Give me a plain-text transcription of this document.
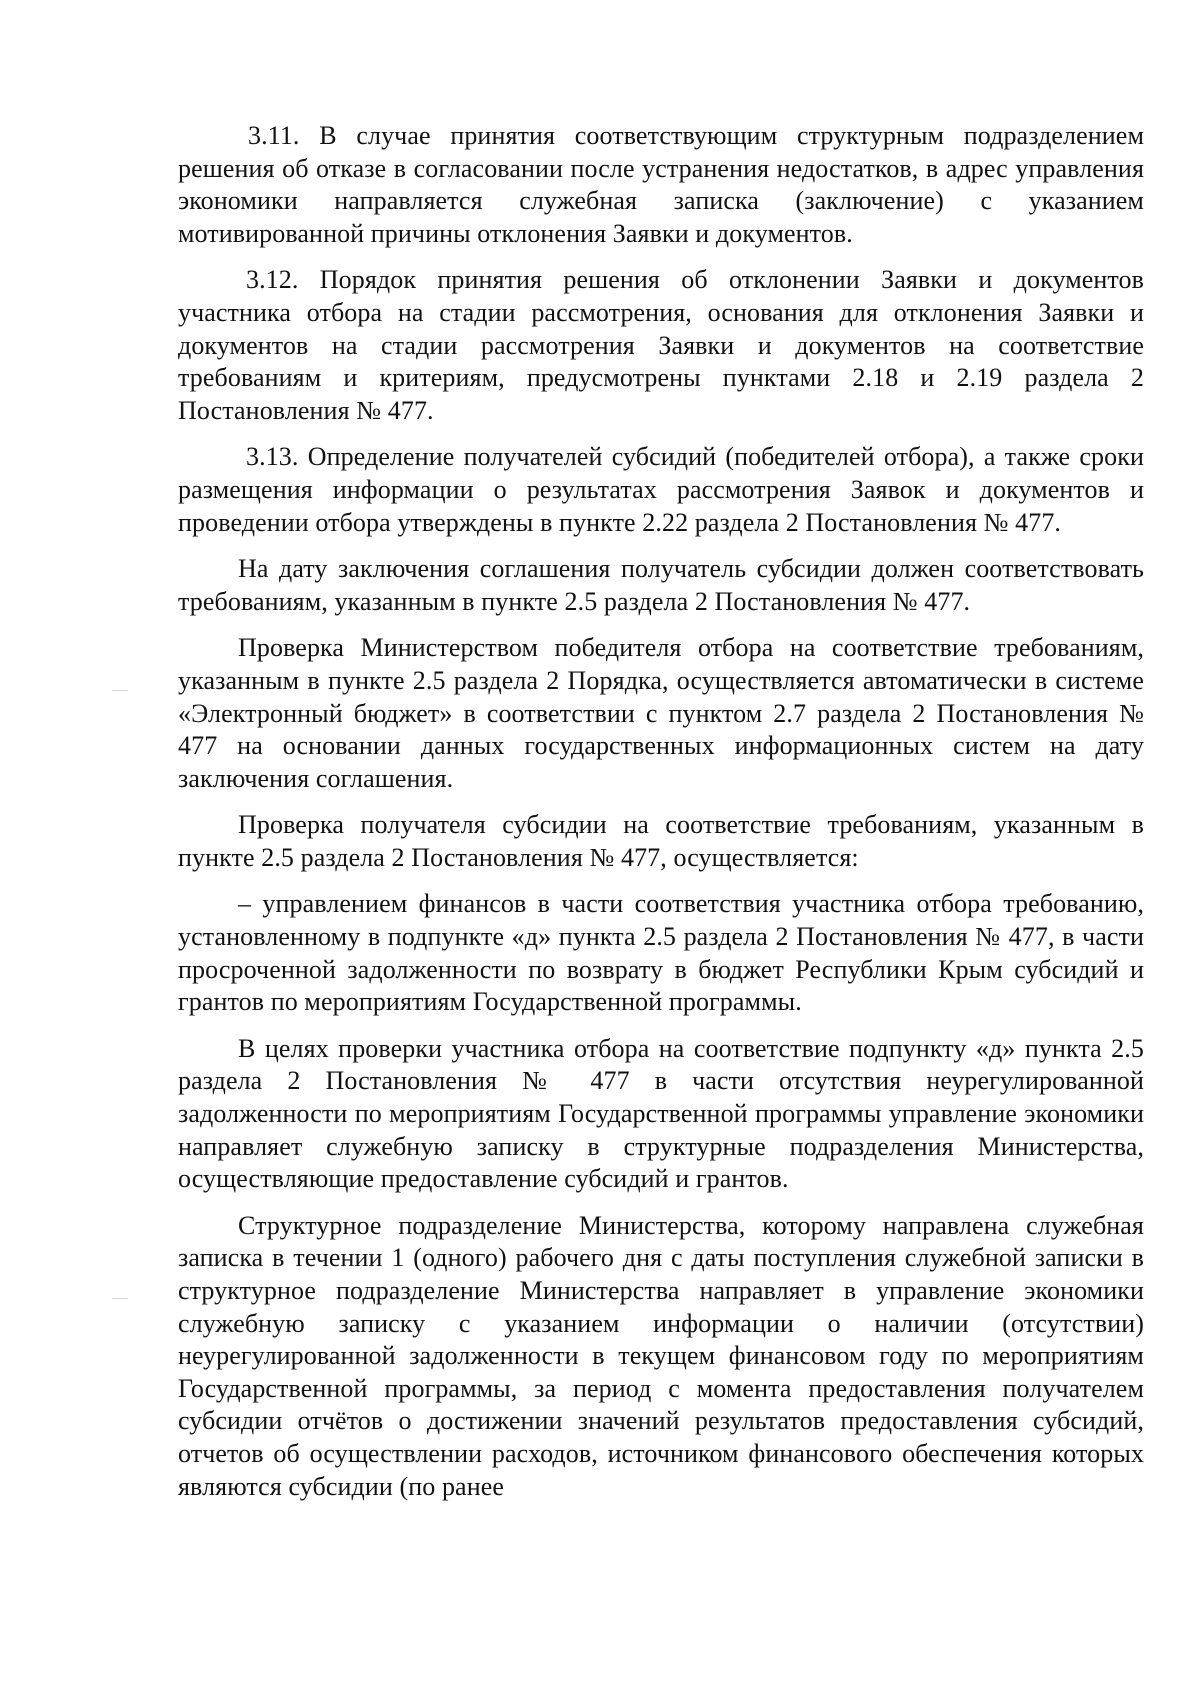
3.11. В случае принятия соответствующим структурным подразделением решения об отказе в согласовании после устранения недостатков, в адрес управления экономики направляется служебная записка (заключение) с указанием мотивированной причины отклонения Заявки и документов.

3.12. Порядок принятия решения об отклонении Заявки и документов участника отбора на стадии рассмотрения, основания для отклонения Заявки и документов на стадии рассмотрения Заявки и документов на соответствие требованиям и критериям, предусмотрены пунктами 2.18 и 2.19 раздела 2 Постановления № 477.

3.13. Определение получателей субсидий (победителей отбора), а также сроки размещения информации о результатах рассмотрения Заявок и документов и проведении отбора утверждены в пункте 2.22 раздела 2 Постановления № 477.

На дату заключения соглашения получатель субсидии должен соответствовать требованиям, указанным в пункте 2.5 раздела 2 Постановления № 477.

Проверка Министерством победителя отбора на соответствие требованиям, указанным в пункте 2.5 раздела 2 Порядка, осуществляется автоматически в системе «Электронный бюджет» в соответствии с пунктом 2.7 раздела 2 Постановления № 477 на основании данных государственных информационных систем на дату заключения соглашения.

Проверка получателя субсидии на соответствие требованиям, указанным в пункте 2.5 раздела 2 Постановления № 477, осуществляется:

– управлением финансов в части соответствия участника отбора требованию, установленному в подпункте «д» пункта 2.5 раздела 2 Постановления № 477, в части просроченной задолженности по возврату в бюджет Республики Крым субсидий и грантов по мероприятиям Государственной программы.

В целях проверки участника отбора на соответствие подпункту «д» пункта 2.5 раздела 2 Постановления № 477 в части отсутствия неурегулированной задолженности по мероприятиям Государственной программы управление экономики направляет служебную записку в структурные подразделения Министерства, осуществляющие предоставление субсидий и грантов.

Структурное подразделение Министерства, которому направлена служебная записка в течении 1 (одного) рабочего дня с даты поступления служебной записки в структурное подразделение Министерства направляет в управление экономики служебную записку с указанием информации о наличии (отсутствии) неурегулированной задолженности в текущем финансовом году по мероприятиям Государственной программы, за период с момента предоставления получателем субсидии отчётов о достижении значений результатов предоставления субсидий, отчетов об осуществлении расходов, источником финансового обеспечения которых являются субсидии (по ранее
